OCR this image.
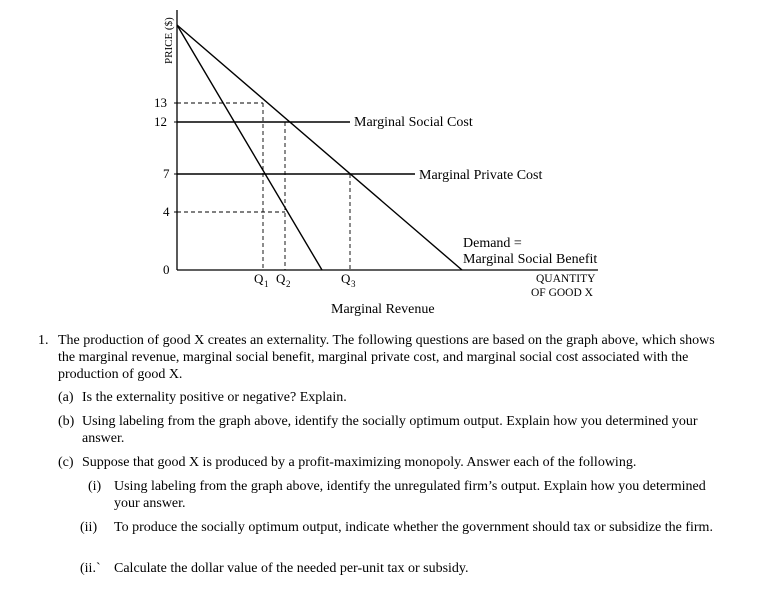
PRICE ($)
13
12
7
4
0
Marginal Social Cost
Marginal Private Cost
Demand =
Marginal Social Benefit
Marginal Revenue
QUANTITY
OF GOOD X
Q 1 Q 2	Q 3
1. The production of good X creates an externality. The following questions are based on the graph above, which shows the marginal revenue, marginal social benefit, marginal private cost, and marginal social cost associated with the production of good X.
(a) Is the externality positive or negative? Explain.
(b) Using labeling from the graph above, identify the socially optimum output. Explain how you determined your answer.
(c) Suppose that good X is produced by a profit-maximizing monopoly. Answer each of the following.
(i) Using labeling from the graph above, identify the unregulated firm’s output. Explain how you determined your answer.
(ii) To produce the socially optimum output, indicate whether the government should tax or subsidize the firm.
(ii.` Calculate the dollar value of the needed per-unit tax or subsidy.
